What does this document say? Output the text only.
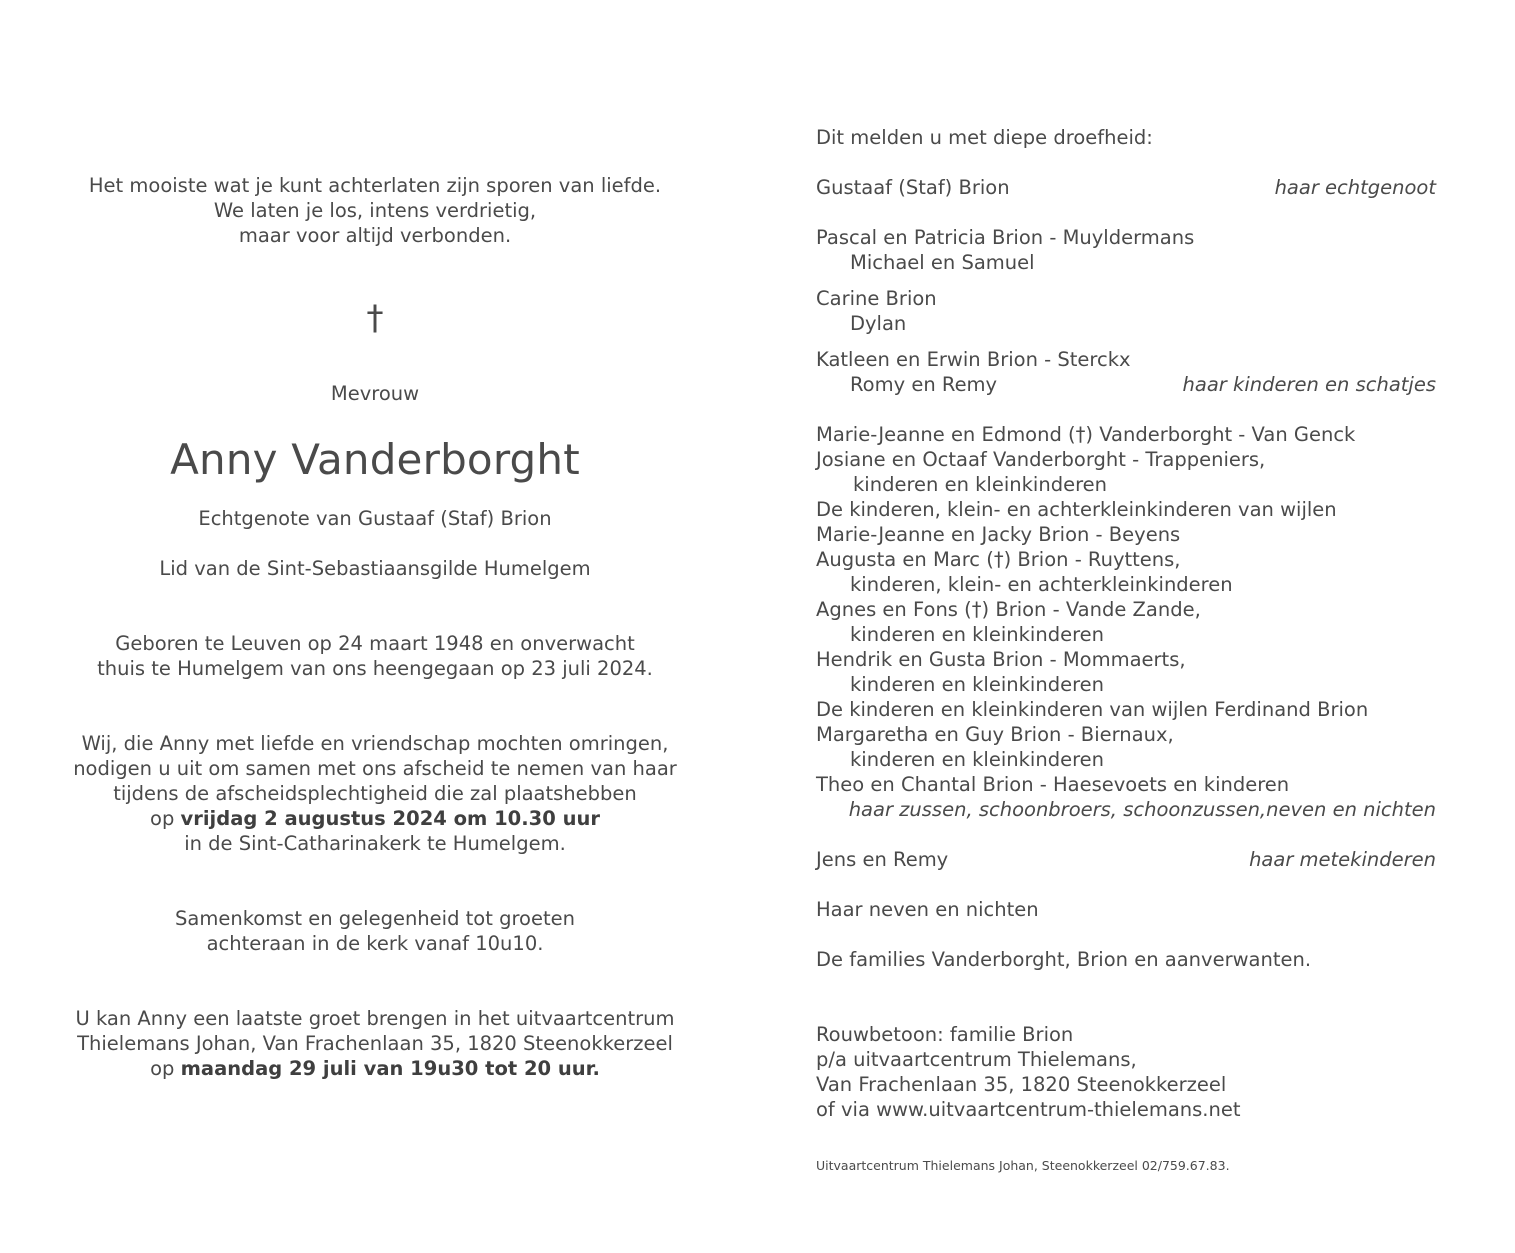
Het mooiste wat je kunt achterlaten zijn sporen van liefde.
We laten je los, intens verdrietig,
maar voor altijd verbonden.
†
Mevrouw
Anny Vanderborght
Echtgenote van Gustaaf (Staf) Brion
Lid van de Sint-Sebastiaansgilde Humelgem
Geboren te Leuven op 24 maart 1948 en onverwacht
thuis te Humelgem van ons heengegaan op 23 juli 2024.
Wij, die Anny met liefde en vriendschap mochten omringen,
nodigen u uit om samen met ons afscheid te nemen van haar
tijdens de afscheidsplechtigheid die zal plaatshebben
op vrijdag 2 augustus 2024 om 10.30 uur
in de Sint-Catharinakerk te Humelgem.
Samenkomst en gelegenheid tot groeten
achteraan in de kerk vanaf 10u10.
U kan Anny een laatste groet brengen in het uitvaartcentrum
Thielemans Johan, Van Frachenlaan 35, 1820 Steenokkerzeel
op maandag 29 juli van 19u30 tot 20 uur.
Dit melden u met diepe droefheid:
Gustaaf (Staf) Brion	haar echtgenoot
Pascal en Patricia Brion - Muyldermans
Michael en Samuel
Carine Brion
Dylan
Katleen en Erwin Brion - Sterckx
Romy en Remy	haar kinderen en schatjes
Marie-Jeanne en Edmond (†) Vanderborght - Van Genck
Josiane en Octaaf Vanderborght - Trappeniers,
kinderen en kleinkinderen
De kinderen, klein- en achterkleinkinderen van wijlen
Marie-Jeanne en Jacky Brion - Beyens
Augusta en Marc (†) Brion - Ruyttens,
kinderen, klein- en achterkleinkinderen
Agnes en Fons (†) Brion - Vande Zande,
kinderen en kleinkinderen
Hendrik en Gusta Brion - Mommaerts,
kinderen en kleinkinderen
De kinderen en kleinkinderen van wijlen Ferdinand Brion
Margaretha en Guy Brion - Biernaux,
kinderen en kleinkinderen
Theo en Chantal Brion - Haesevoets en kinderen
haar zussen, schoonbroers, schoonzussen,neven en nichten
Jens en Remy	haar metekinderen
Haar neven en nichten
De families Vanderborght, Brion en aanverwanten.
Rouwbetoon: familie Brion
p/a uitvaartcentrum Thielemans,
Van Frachenlaan 35, 1820 Steenokkerzeel
of via www.uitvaartcentrum-thielemans.net
Uitvaartcentrum Thielemans Johan, Steenokkerzeel 02/759.67.83.
